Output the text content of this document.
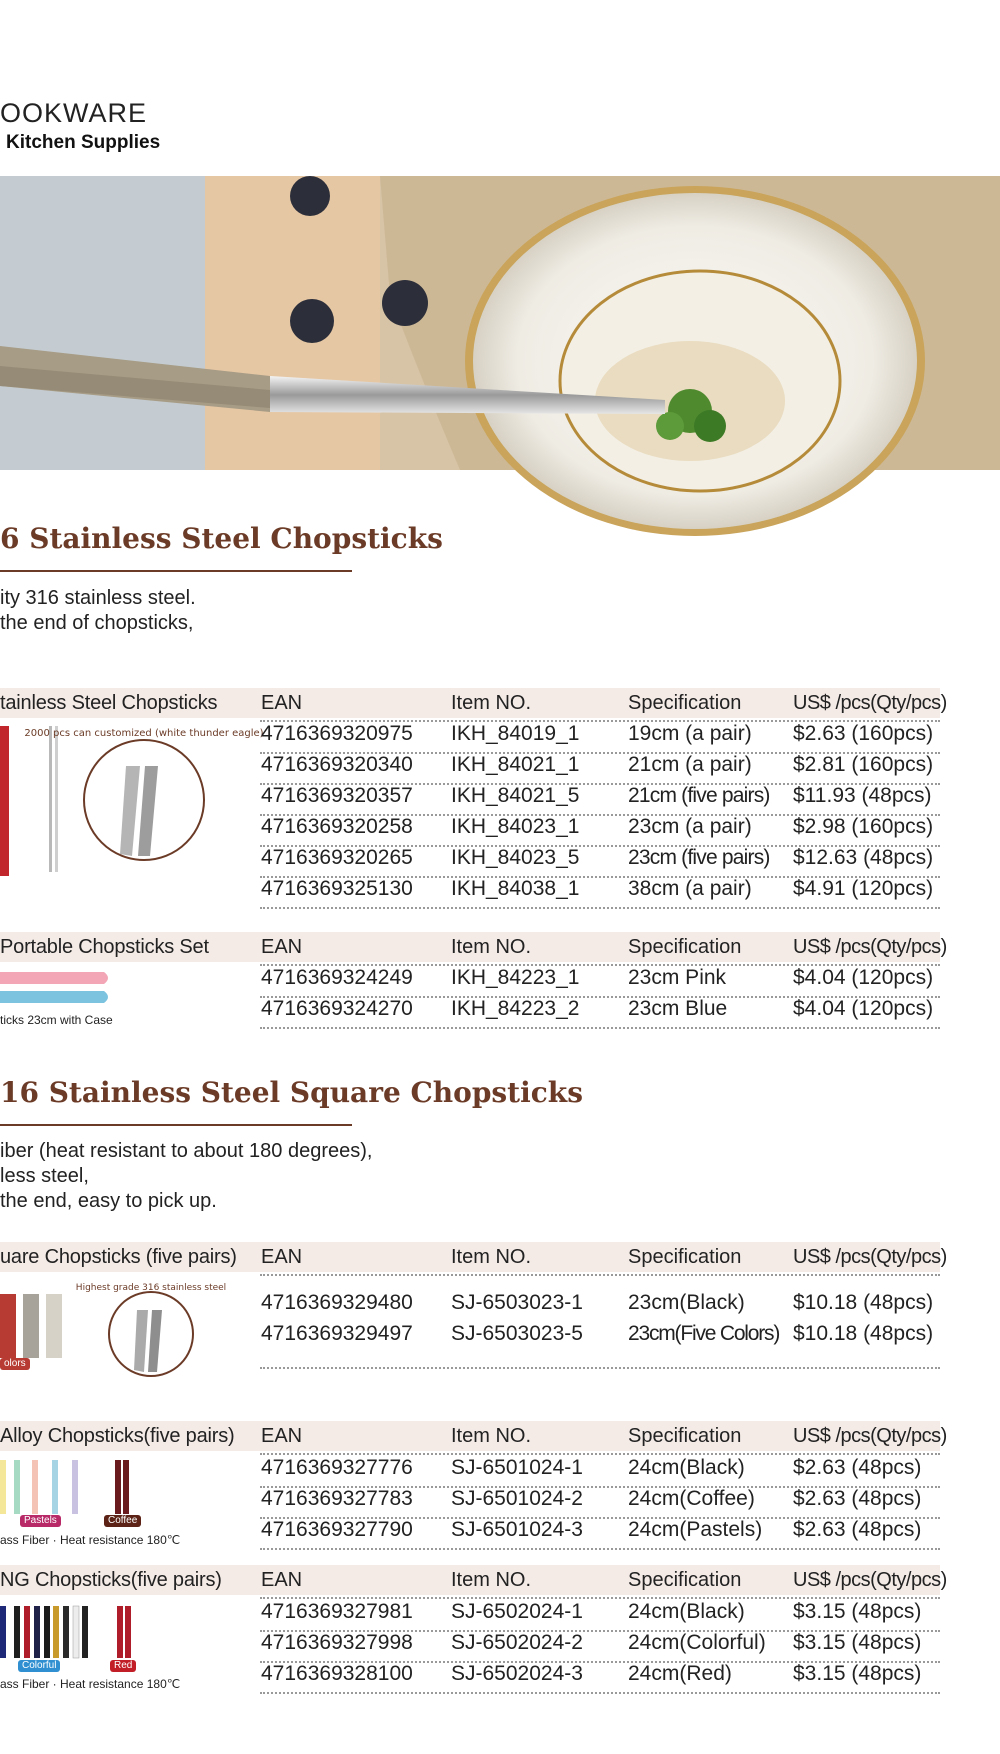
OOKWARE
Kitchen Supplies
6 Stainless Steel Chopsticks
ity 316 stainless steel.
the end of chopsticks,
tainless Steel Chopsticks EAN	Item NO.	Specification	US$ /pcs(Qty/pcs)
2000 pcs can customized (white thunder eagle)
4716369320975 IKH_84019_1 19cm (a pair) $2.63 (160pcs)
4716369320340 IKH_84021_1 21cm (a pair) $2.81 (160pcs)
4716369320357 IKH_84021_5 21cm (five pairs) $11.93 (48pcs)
4716369320258 IKH_84023_1 23cm (a pair) $2.98 (160pcs)
4716369320265 IKH_84023_5 23cm (five pairs) $12.63 (48pcs)
4716369325130 IKH_84038_1 38cm (a pair) $4.91 (120pcs)
Portable Chopsticks Set	EAN	Item NO.	Specification	US$ /pcs(Qty/pcs)
ticks 23cm with Case
4716369324249 IKH_84223_1 23cm Pink	$4.04 (120pcs)
4716369324270 IKH_84223_2 23cm Blue	$4.04 (120pcs)
16 Stainless Steel Square Chopsticks
iber (heat resistant to about 180 degrees),
less steel,
the end, easy to pick up.
uare Chopsticks (five pairs) EAN	Item NO.	Specification	US$ /pcs(Qty/pcs)
Highest grade 316 stainless steel
olors
4716369329480 SJ-6503023-1 23cm(Black) $10.18 (48pcs)
4716369329497 SJ-6503023-5 23cm(Five Colors) $10.18 (48pcs)
Alloy Chopsticks(five pairs) EAN	Item NO.	Specification	US$ /pcs(Qty/pcs)
Pastels	Coffee
ass Fiber · Heat resistance 180℃
4716369327776 SJ-6501024-1 24cm(Black) $2.63 (48pcs)
4716369327783 SJ-6501024-2 24cm(Coffee) $2.63 (48pcs)
4716369327790 SJ-6501024-3 24cm(Pastels) $2.63 (48pcs)
NG Chopsticks(five pairs) EAN	Item NO.	Specification	US$ /pcs(Qty/pcs)
Colorful	Red
ass Fiber · Heat resistance 180℃
4716369327981 SJ-6502024-1 24cm(Black) $3.15 (48pcs)
4716369327998 SJ-6502024-2 24cm(Colorful) $3.15 (48pcs)
4716369328100 SJ-6502024-3 24cm(Red)	$3.15 (48pcs)
